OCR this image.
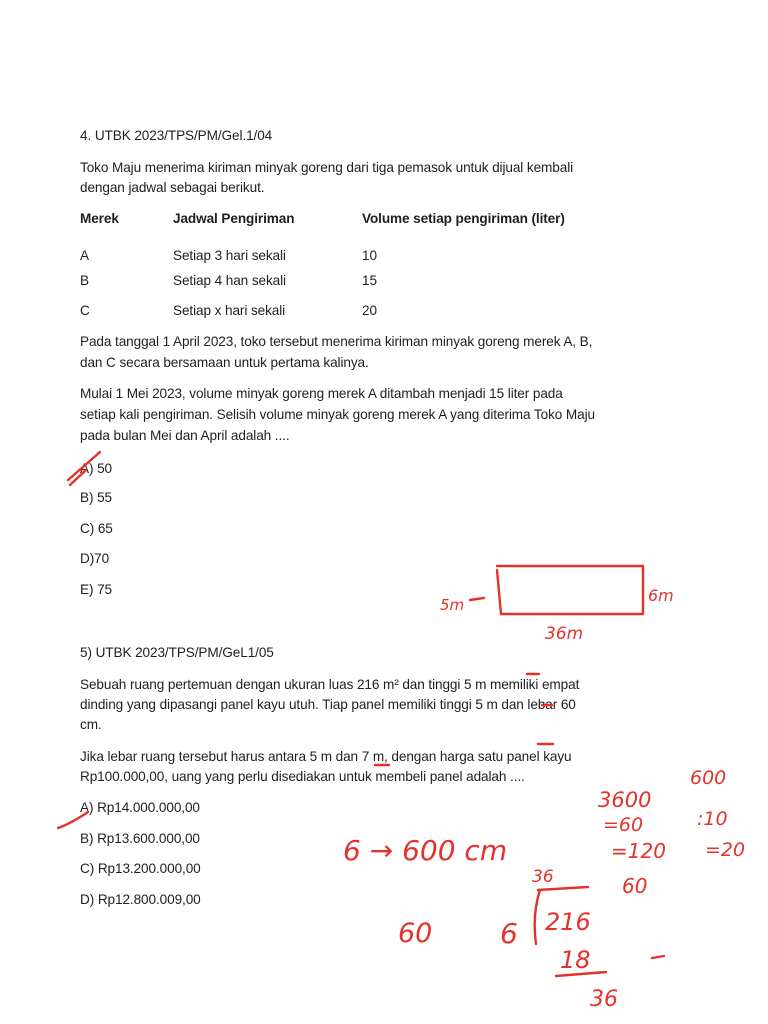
4. UTBK 2023/TPS/PM/Gel.1/04
Toko Maju menerima kiriman minyak goreng dari tiga pemasok untuk dijual kembali
dengan jadwal sebagai berikut.
Merek	Jadwal Pengiriman	Volume setiap pengiriman (liter)
A	Setiap 3 hari sekali	10
B	Setiap 4 han sekali	15
C	Setiap x hari sekali	20
Pada tanggal 1 April 2023, toko tersebut menerima kiriman minyak goreng merek A, B,
dan C secara bersamaan untuk pertama kalinya.
Mulai 1 Mei 2023, volume minyak goreng merek A ditambah menjadi 15 liter pada
setiap kali pengiriman. Selisih volume minyak goreng merek A yang diterima Toko Maju
pada bulan Mei dan April adalah ....
A) 50
B) 55
C) 65
D)70
E) 75
5) UTBK 2023/TPS/PM/GeL1/05
Sebuah ruang pertemuan dengan ukuran luas 216 m² dan tinggi 5 m memiliki empat
dinding yang dipasangi panel kayu utuh. Tiap panel memiliki tinggi 5 m dan lebar 60
cm.
Jika lebar ruang tersebut harus antara 5 m dan 7 m, dengan harga satu panel kayu
Rp100.000,00, uang yang perlu disediakan untuk membeli panel adalah ....
A) Rp14.000.000,00
B) Rp13.600.000,00
C) Rp13.200.000,00
D) Rp12.800.009,00
5m	6m
36m
6 → 600 cm
3600
=60
=120
60
600
:10
=20
36
6 216
18
36
60
